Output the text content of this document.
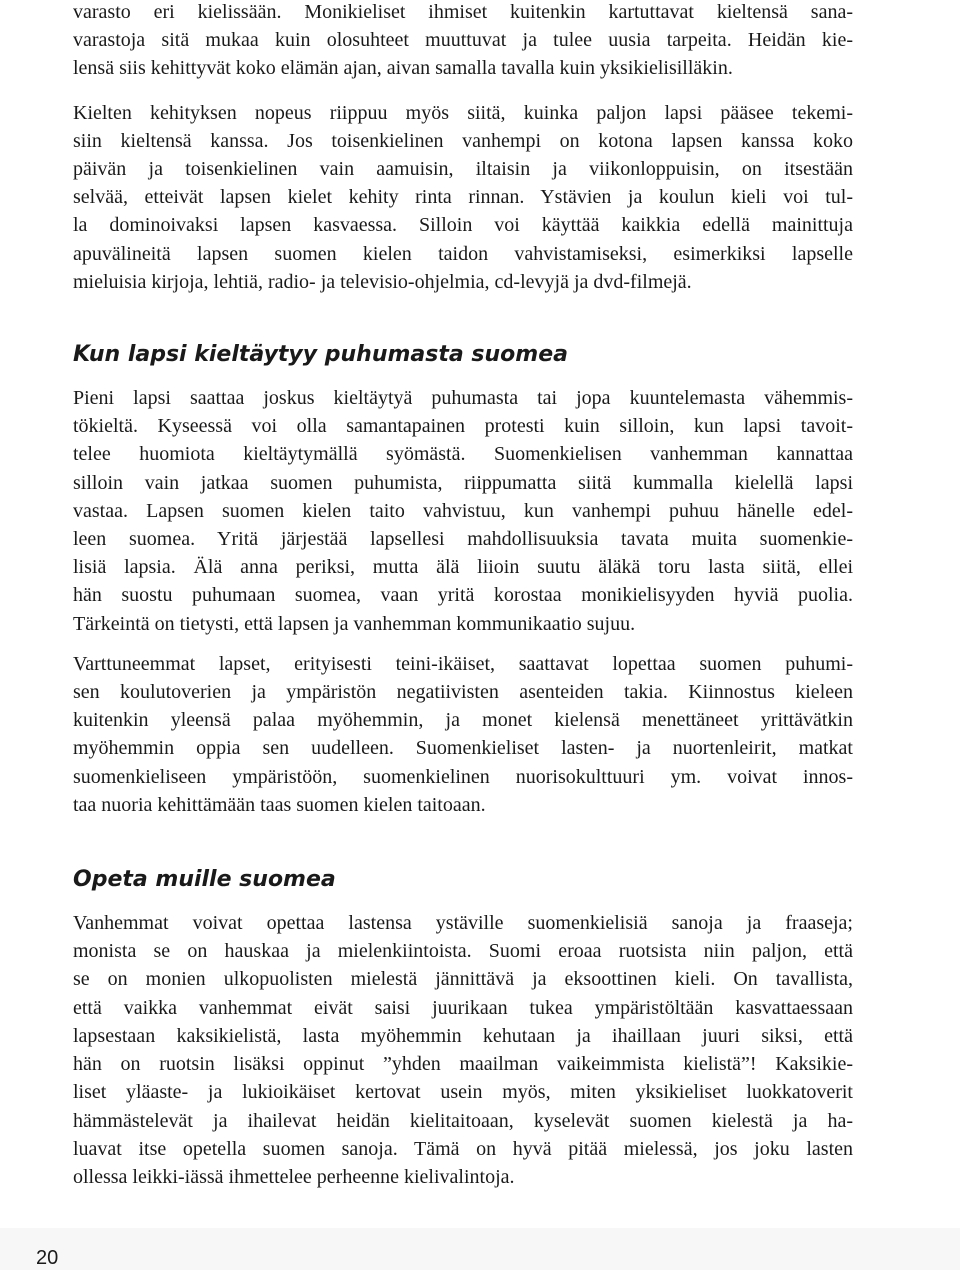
varasto eri kielissään. Monikieliset ihmiset kuitenkin kartuttavat kieltensä sana-
varastoja sitä mukaa kuin olosuhteet muuttuvat ja tulee uusia tarpeita. Heidän kie-
lensä siis kehittyvät koko elämän ajan, aivan samalla tavalla kuin yksikielisilläkin.

Kielten kehityksen nopeus riippuu myös siitä, kuinka paljon lapsi pääsee tekemi-
siin kieltensä kanssa. Jos toisenkielinen vanhempi on kotona lapsen kanssa koko
päivän ja toisenkielinen vain aamuisin, iltaisin ja viikonloppuisin, on itsestään
selvää, etteivät lapsen kielet kehity rinta rinnan. Ystävien ja koulun kieli voi tul-
la dominoivaksi lapsen kasvaessa. Silloin voi käyttää kaikkia edellä mainittuja
apuvälineitä lapsen suomen kielen taidon vahvistamiseksi, esimerkiksi lapselle
mieluisia kirjoja, lehtiä, radio- ja televisio-ohjelmia, cd-levyjä ja dvd-filmejä.

Kun lapsi kieltäytyy puhumasta suomea

Pieni lapsi saattaa joskus kieltäytyä puhumasta tai jopa kuuntelemasta vähemmis-
tökieltä. Kyseessä voi olla samantapainen protesti kuin silloin, kun lapsi tavoit-
telee huomiota kieltäytymällä syömästä. Suomenkielisen vanhemman kannattaa
silloin vain jatkaa suomen puhumista, riippumatta siitä kummalla kielellä lapsi
vastaa. Lapsen suomen kielen taito vahvistuu, kun vanhempi puhuu hänelle edel-
leen suomea. Yritä järjestää lapsellesi mahdollisuuksia tavata muita suomenkie-
lisiä lapsia. Älä anna periksi, mutta älä liioin suutu äläkä toru lasta siitä, ellei
hän suostu puhumaan suomea, vaan yritä korostaa monikielisyyden hyviä puolia.
Tärkeintä on tietysti, että lapsen ja vanhemman kommunikaatio sujuu.

Varttuneemmat lapset, erityisesti teini-ikäiset, saattavat lopettaa suomen puhumi-
sen koulutoverien ja ympäristön negatiivisten asenteiden takia. Kiinnostus kieleen
kuitenkin yleensä palaa myöhemmin, ja monet kielensä menettäneet yrittävätkin
myöhemmin oppia sen uudelleen. Suomenkieliset lasten- ja nuortenleirit, matkat
suomenkieliseen ympäristöön, suomenkielinen nuorisokulttuuri ym. voivat innos-
taa nuoria kehittämään taas suomen kielen taitoaan.

Opeta muille suomea

Vanhemmat voivat opettaa lastensa ystäville suomenkielisiä sanoja ja fraaseja;
monista se on hauskaa ja mielenkiintoista. Suomi eroaa ruotsista niin paljon, että
se on monien ulkopuolisten mielestä jännittävä ja eksoottinen kieli. On tavallista,
että vaikka vanhemmat eivät saisi juurikaan tukea ympäristöltään kasvattaessaan
lapsestaan kaksikielistä, lasta myöhemmin kehutaan ja ihaillaan juuri siksi, että
hän on ruotsin lisäksi oppinut ”yhden maailman vaikeimmista kielistä”! Kaksikie-
liset yläaste- ja lukioikäiset kertovat usein myös, miten yksikieliset luokkatoverit
hämmästelevät ja ihailevat heidän kielitaitoaan, kyselevät suomen kielestä ja ha-
luavat itse opetella suomen sanoja. Tämä on hyvä pitää mielessä, jos joku lasten
ollessa leikki-iässä ihmettelee perheenne kielivalintoja.

20
